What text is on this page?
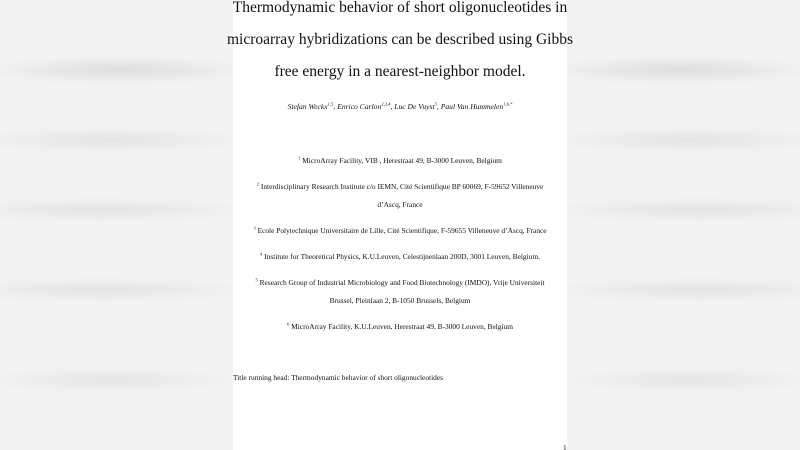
Thermodynamic behavior of short oligonucleotides in
microarray hybridizations can be described using Gibbs
free energy in a nearest-neighbor model.
Stefan Weckx$^{1,5}$, Enrico Carlon$^{2,3,4}$, Luc De Vuyst$^5$, Paul Van Hummelen$^{1,6,*}$
$^1$ MicroArray Facility, VIB , Herestraat 49, B-3000 Leuven, Belgium
$^2$ Interdisciplinary Research Institute c/o IEMN, Cité Scientifique BP 60069, F-59652 Villeneuve
d’Ascq, France
$^3$ Ecole Polytechnique Universitaire de Lille, Cité Scientifique, F-59655 Villeneuve d’Ascq, France
$^4$ Institute for Theoretical Physics, K.U.Leuven, Celestijnenlaan 200D, 3001 Leuven, Belgium.
$^5$ Research Group of Industrial Microbiology and Food Biotechnology (IMDO), Vrije Universiteit
Brussel, Pleinlaan 2, B-1050 Brussels, Belgium
$^6$ MicroArray Facility, K.U.Leuven, Herestraat 49, B-3000 Leuven, Belgium
Title running head: Thermodynamic behavior of short oligonucleotides
1
